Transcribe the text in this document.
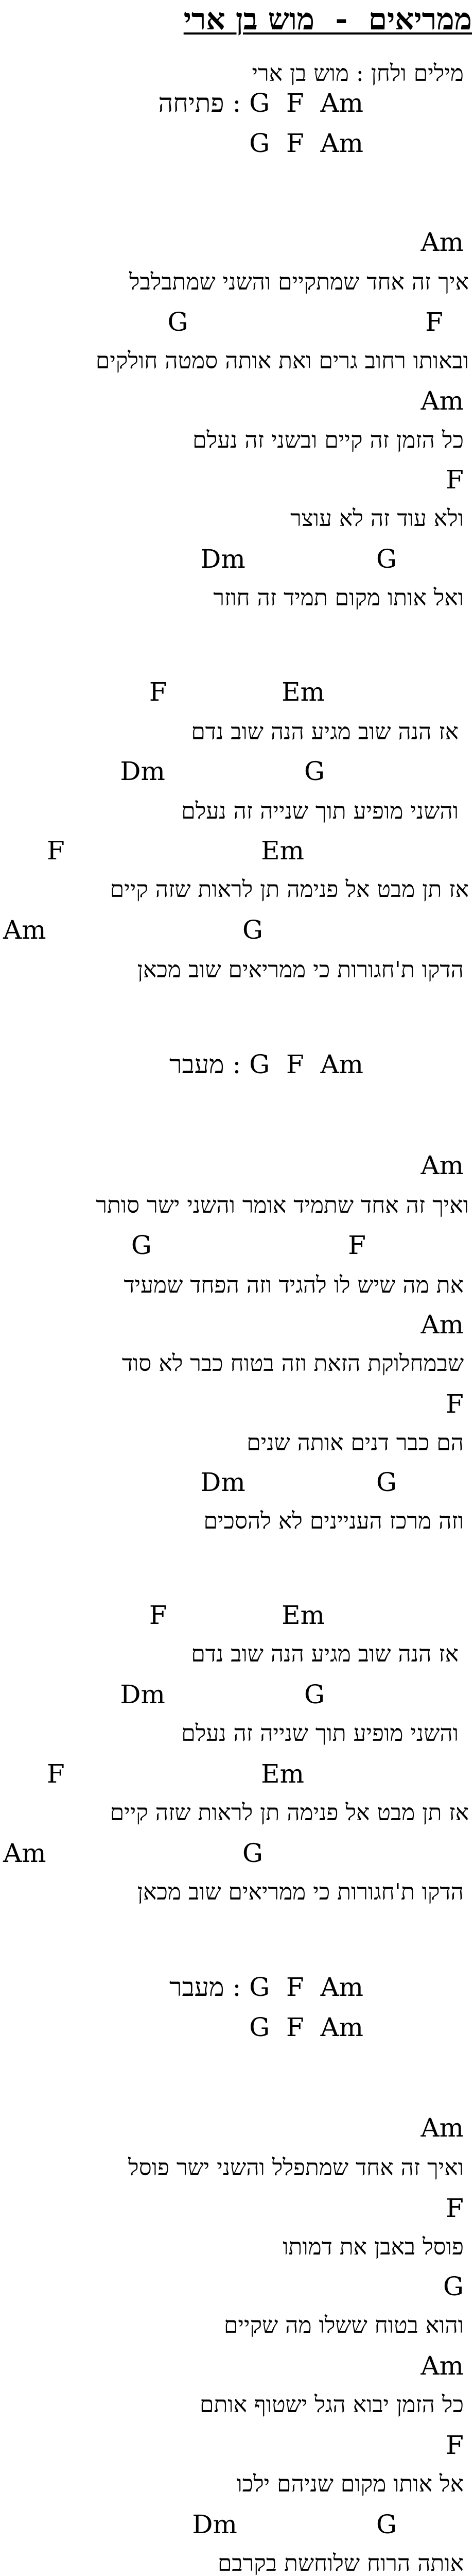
ממריאים  -  מוש בן ארי
מילים ולחן : מוש בן ארי
פתיחה : G  F  Am
G  F  Am
Am
איך זה אחד שמתקיים והשני שמתבלבל
G                             F
ובאותו רחוב גרים ואת אותה סמטה חולקים
Am
כל הזמן זה קיים ובשני זה נעלם
F
ולא עוד זה לא עוצר
Dm                G
ואל אותו מקום תמיד זה חוזר
F              Em
אז הנה שוב מגיע הנה שוב נדם
Dm                 G
והשני מופיע תוך שנייה זה נעלם
F                        Em
אז תן מבט אל פנימה תן לראות שזה קיים
Am                        G
הדקו ת'חגורות כי ממריאים שוב מכאן
מעבר : G  F  Am
Am
ואיך זה אחד שתמיד אומר והשני ישר סותר
G                        F
את מה שיש לו להגיד וזה הפחד שמעיד
Am
שבמחלוקת הזאת וזה בטוח כבר לא סוד
F
הם כבר דנים אותה שנים
Dm                G
וזה מרכז העניינים לא להסכים
F              Em
אז הנה שוב מגיע הנה שוב נדם
Dm                 G
והשני מופיע תוך שנייה זה נעלם
F                        Em
אז תן מבט אל פנימה תן לראות שזה קיים
Am                        G
הדקו ת'חגורות כי ממריאים שוב מכאן
מעבר : G  F  Am
G  F  Am
Am
ואיך זה אחד שמתפלל והשני ישר פוסל
F
פוסל באבן את דמותו
G
והוא בטוח ששלו מה שקיים
Am
כל הזמן יבוא הגל ישטוף אותם
F
אל אותו מקום שניהם ילכו
Dm                 G
אותה הרוח שלוחשת בקרבם
